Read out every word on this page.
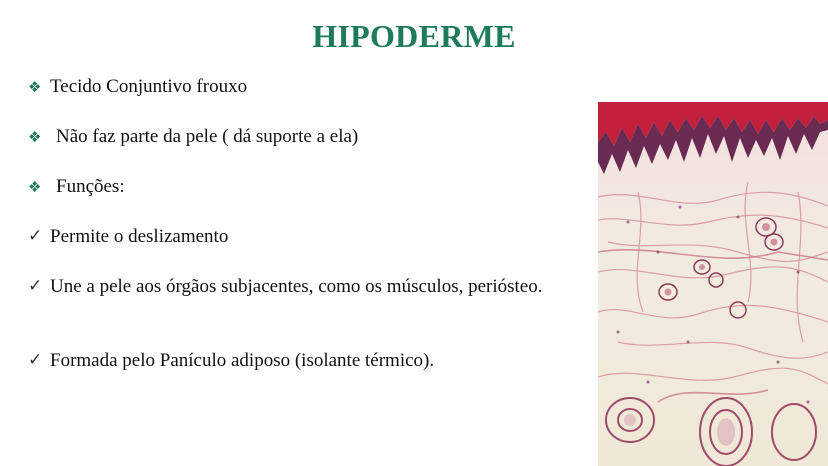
HIPODERME
❖ Tecido Conjuntivo frouxo
❖ Não faz parte da pele ( dá suporte a ela)
❖ Funções:
✓ Permite o deslizamento
✓ Une a pele aos órgãos subjacentes, como os músculos, periósteo.
✓ Formada pelo Panículo adiposo (isolante térmico).
